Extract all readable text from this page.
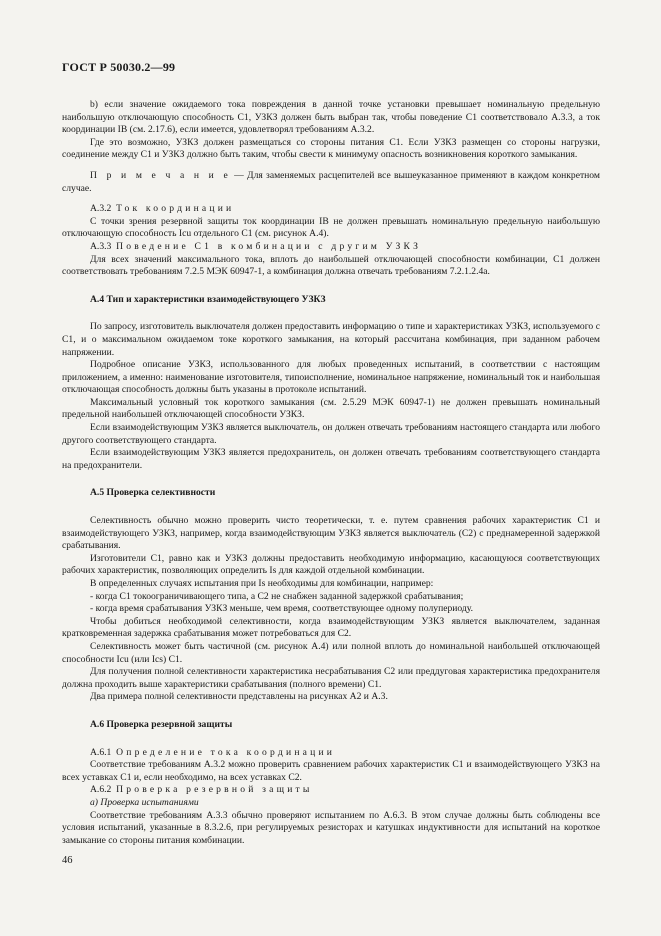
ГОСТ Р 50030.2—99

b) если значение ожидаемого тока повреждения в данной точке установки превышает номинальную предельную наибольшую отключающую способность C1, УЗКЗ должен быть выбран так, чтобы поведение C1 соответствовало А.3.3, а ток координации IB (см. 2.17.6), если имеется, удовлетворял требованиям А.3.2.

Где это возможно, УЗКЗ должен размещаться со стороны питания C1. Если УЗКЗ размещен со стороны нагрузки, соединение между C1 и УЗКЗ должно быть таким, чтобы свести к минимуму опасность возникновения короткого замыкания.

П р и м е ч а н и е — Для заменяемых расцепителей все вышеуказанное применяют в каждом конкретном случае.

А.3.2 Ток координации

С точки зрения резервной защиты ток координации IB не должен превышать номинальную предельную наибольшую отключающую способность Icu отдельного C1 (см. рисунок А.4).

А.3.3 Поведение C1 в комбинации с другим УЗКЗ

Для всех значений максимального тока, вплоть до наибольшей отключающей способности комбинации, C1 должен соответствовать требованиям 7.2.5 МЭК 60947-1, а комбинация должна отвечать требованиям 7.2.1.2.4а.

А.4 Тип и характеристики взаимодействующего УЗКЗ

По запросу, изготовитель выключателя должен предоставить информацию о типе и характеристиках УЗКЗ, используемого с C1, и о максимальном ожидаемом токе короткого замыкания, на который рассчитана комбинация, при заданном рабочем напряжении.

Подробное описание УЗКЗ, использованного для любых проведенных испытаний, в соответствии с настоящим приложением, а именно: наименование изготовителя, типоисполнение, номинальное напряжение, номинальный ток и наибольшая отключающая способность должны быть указаны в протоколе испытаний.

Максимальный условный ток короткого замыкания (см. 2.5.29 МЭК 60947-1) не должен превышать номинальный предельной наибольшей отключающей способности УЗКЗ.

Если взаимодействующим УЗКЗ является выключатель, он должен отвечать требованиям настоящего стандарта или любого другого соответствующего стандарта.

Если взаимодействующим УЗКЗ является предохранитель, он должен отвечать требованиям соответствующего стандарта на предохранители.

А.5 Проверка селективности

Селективность обычно можно проверить чисто теоретически, т. е. путем сравнения рабочих характеристик C1 и взаимодействующего УЗКЗ, например, когда взаимодействующим УЗКЗ является выключатель (C2) с преднамеренной задержкой срабатывания.

Изготовители C1, равно как и УЗКЗ должны предоставить необходимую информацию, касающуюся соответствующих рабочих характеристик, позволяющих определить Is для каждой отдельной комбинации.

В определенных случаях испытания при Is необходимы для комбинации, например:

- когда C1 токоограничивающего типа, а C2 не снабжен заданной задержкой срабатывания;

- когда время срабатывания УЗКЗ меньше, чем время, соответствующее одному полупериоду.

Чтобы добиться необходимой селективности, когда взаимодействующим УЗКЗ является выключателем, заданная кратковременная задержка срабатывания может потребоваться для C2.

Селективность может быть частичной (см. рисунок А.4) или полной вплоть до номинальной наибольшей отключающей способности Icu (или Ics) C1.

Для получения полной селективности характеристика несрабатывания C2 или преддуговая характеристика предохранителя должна проходить выше характеристики срабатывания (полного времени) C1.

Два примера полной селективности представлены на рисунках А2 и А.3.

А.6 Проверка резервной защиты

А.6.1 Определение тока координации

Соответствие требованиям А.3.2 можно проверить сравнением рабочих характеристик C1 и взаимодействующего УЗКЗ на всех уставках C1 и, если необходимо, на всех уставках C2.

А.6.2 Проверка резервной защиты

а) Проверка испытаниями

Соответствие требованиям А.3.3 обычно проверяют испытанием по А.6.3. В этом случае должны быть соблюдены все условия испытаний, указанные в 8.3.2.6, при регулируемых резисторах и катушках индуктивности для испытаний на короткое замыкание со стороны питания комбинации.

46
